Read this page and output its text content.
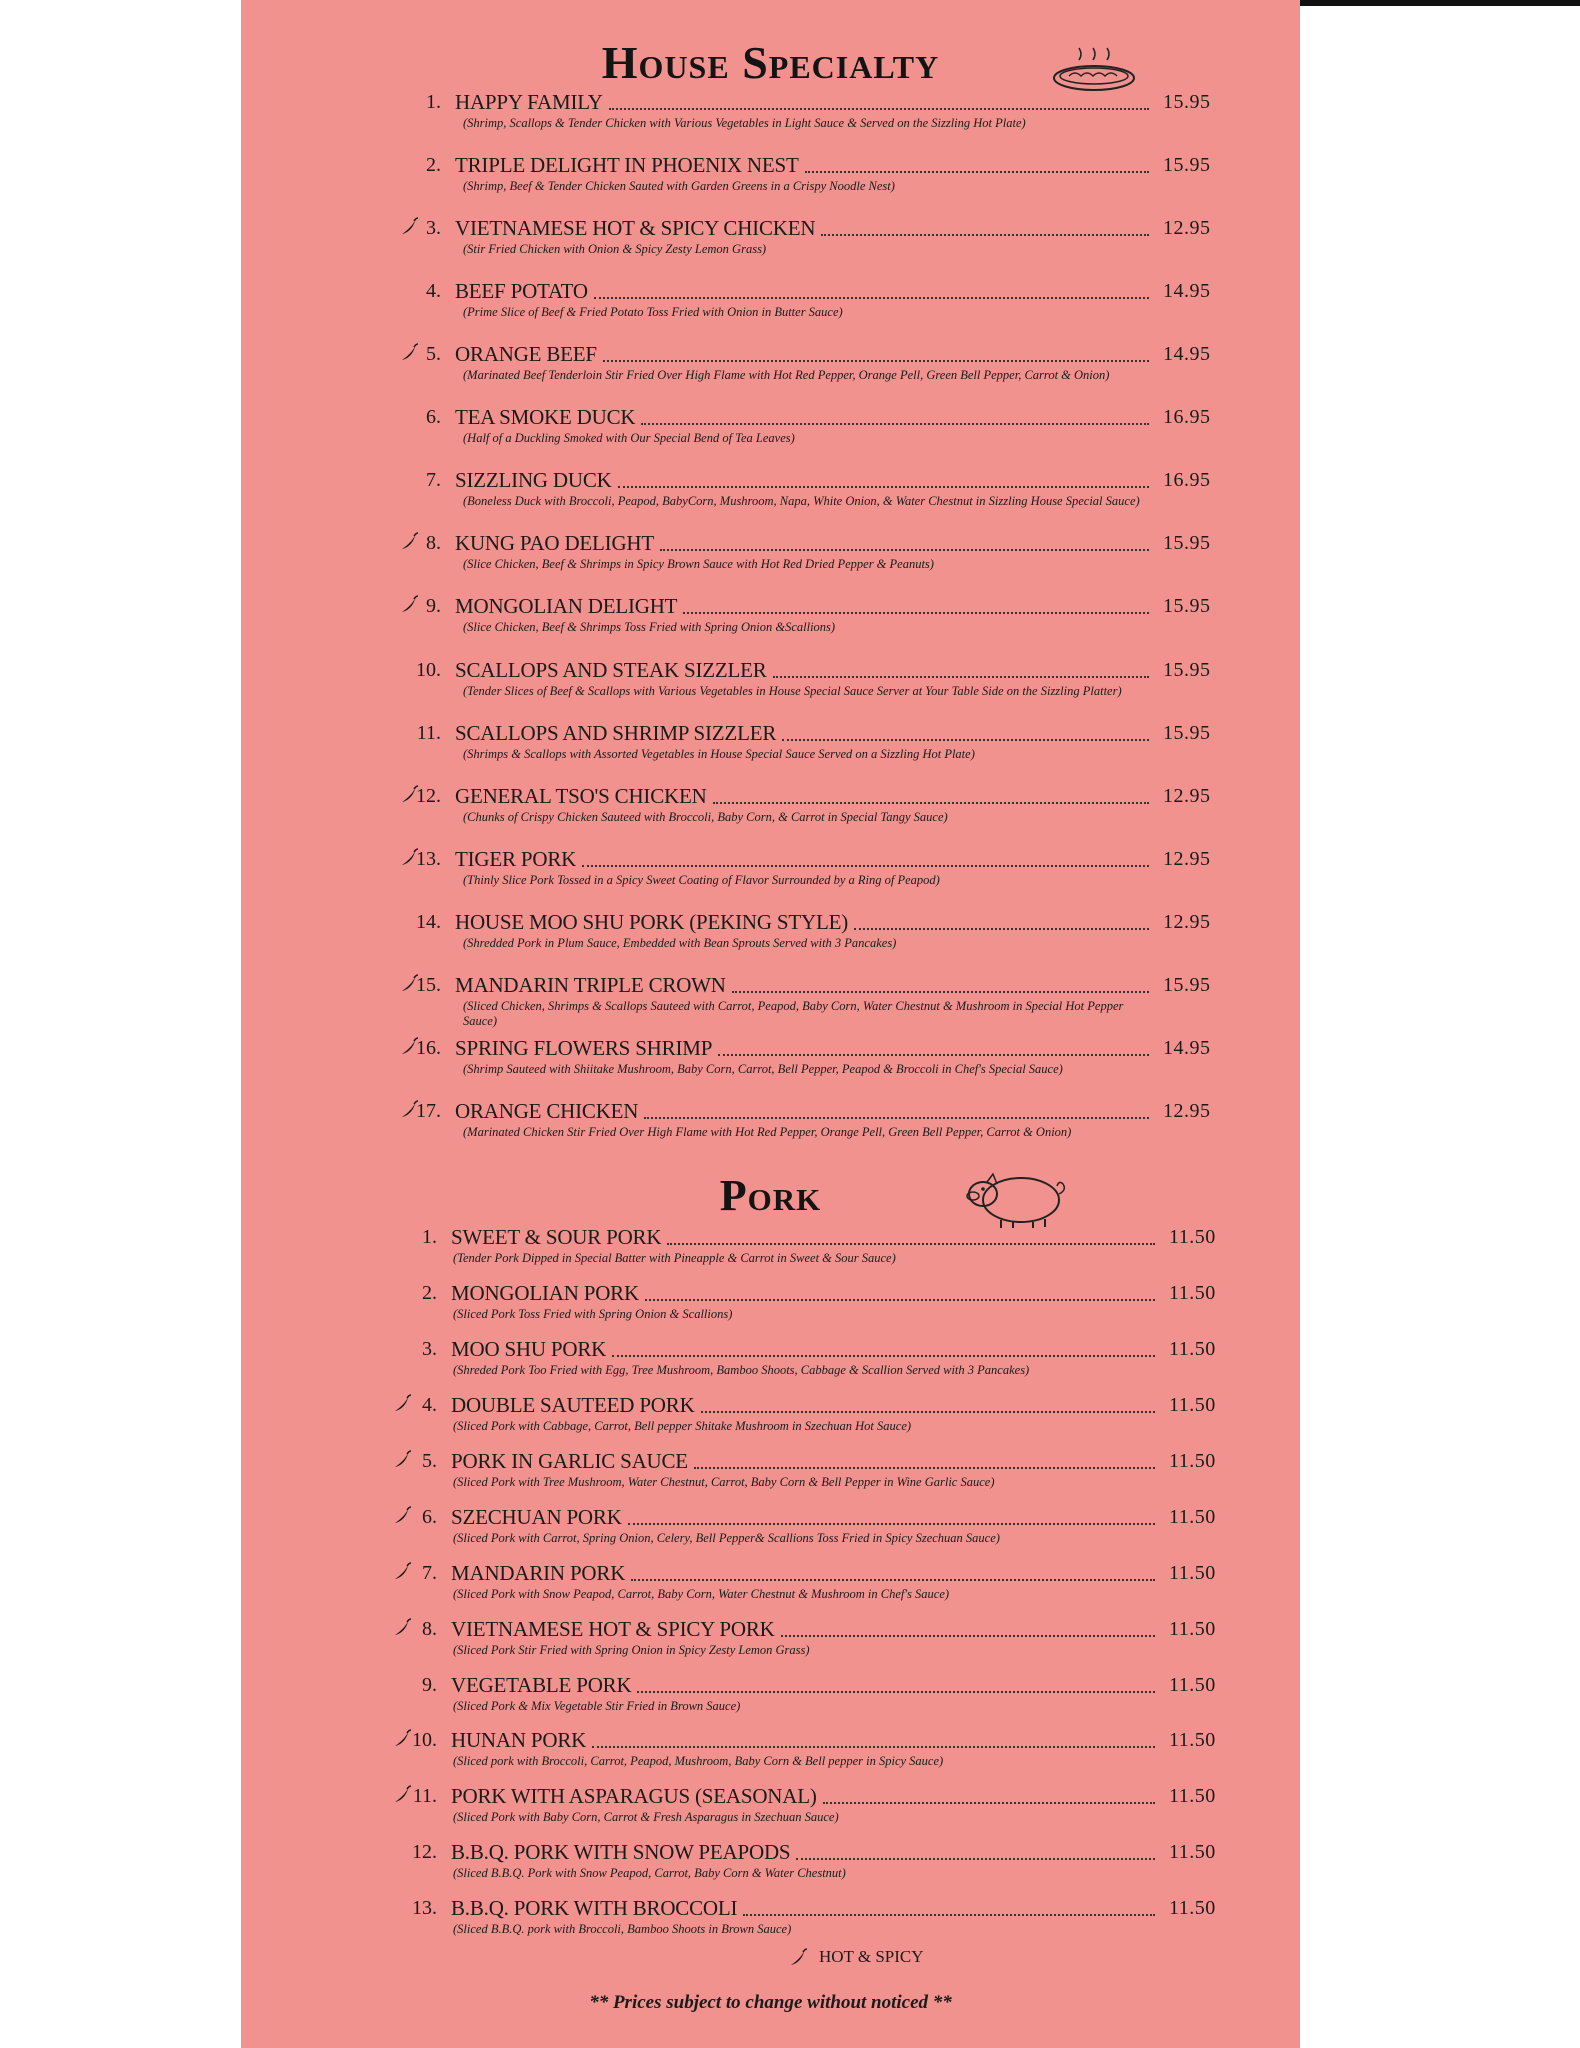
House Specialty
1. HAPPY FAMILY	15.95
(Shrimp, Scallops & Tender Chicken with Various Vegetables in Light Sauce & Served on the Sizzling Hot Plate)
2. TRIPLE DELIGHT IN PHOENIX NEST	15.95
(Shrimp, Beef & Tender Chicken Sauted with Garden Greens in a Crispy Noodle Nest)
3. VIETNAMESE HOT & SPICY CHICKEN	12.95
(Stir Fried Chicken with Onion & Spicy Zesty Lemon Grass)
4. BEEF POTATO	14.95
(Prime Slice of Beef & Fried Potato Toss Fried with Onion in Butter Sauce)
5. ORANGE BEEF	14.95
(Marinated Beef Tenderloin Stir Fried Over High Flame with Hot Red Pepper, Orange Pell, Green Bell Pepper, Carrot & Onion)
6. TEA SMOKE DUCK	16.95
(Half of a Duckling Smoked with Our Special Bend of Tea Leaves)
7. SIZZLING DUCK	16.95
(Boneless Duck with Broccoli, Peapod, BabyCorn, Mushroom, Napa, White Onion, & Water Chestnut in Sizzling House Special Sauce)
8. KUNG PAO DELIGHT	15.95
(Slice Chicken, Beef & Shrimps in Spicy Brown Sauce with Hot Red Dried Pepper & Peanuts)
9. MONGOLIAN DELIGHT	15.95
(Slice Chicken, Beef & Shrimps Toss Fried with Spring Onion &Scallions)
10. SCALLOPS AND STEAK SIZZLER	15.95
(Tender Slices of Beef & Scallops with Various Vegetables in House Special Sauce Server at Your Table Side on the Sizzling Platter)
11. SCALLOPS AND SHRIMP SIZZLER	15.95
(Shrimps & Scallops with Assorted Vegetables in House Special Sauce Served on a Sizzling Hot Plate)
12. GENERAL TSO'S CHICKEN	12.95
(Chunks of Crispy Chicken Sauteed with Broccoli, Baby Corn, & Carrot in Special Tangy Sauce)
13. TIGER PORK	12.95
(Thinly Slice Pork Tossed in a Spicy Sweet Coating of Flavor Surrounded by a Ring of Peapod)
14. HOUSE MOO SHU PORK (PEKING STYLE)	12.95
(Shredded Pork in Plum Sauce, Embedded with Bean Sprouts Served with 3 Pancakes)
15. MANDARIN TRIPLE CROWN	15.95
(Sliced Chicken, Shrimps & Scallops Sauteed with Carrot, Peapod, Baby Corn, Water Chestnut & Mushroom in Special Hot Pepper Sauce)
16. SPRING FLOWERS SHRIMP	14.95
(Shrimp Sauteed with Shiitake Mushroom, Baby Corn, Carrot, Bell Pepper, Peapod & Broccoli in Chef's Special Sauce)
17. ORANGE CHICKEN	12.95
(Marinated Chicken Stir Fried Over High Flame with Hot Red Pepper, Orange Pell, Green Bell Pepper, Carrot & Onion)
Pork
1. SWEET & SOUR PORK	11.50
(Tender Pork Dipped in Special Batter with Pineapple & Carrot in Sweet & Sour Sauce)
2. MONGOLIAN PORK	11.50
(Sliced Pork Toss Fried with Spring Onion & Scallions)
3. MOO SHU PORK	11.50
(Shreded Pork Too Fried with Egg, Tree Mushroom, Bamboo Shoots, Cabbage & Scallion Served with 3 Pancakes)
4. DOUBLE SAUTEED PORK	11.50
(Sliced Pork with Cabbage, Carrot, Bell pepper Shitake Mushroom in Szechuan Hot Sauce)
5. PORK IN GARLIC SAUCE	11.50
(Sliced Pork with Tree Mushroom, Water Chestnut, Carrot, Baby Corn & Bell Pepper in Wine Garlic Sauce)
6. SZECHUAN PORK	11.50
(Sliced Pork with Carrot, Spring Onion, Celery, Bell Pepper& Scallions Toss Fried in Spicy Szechuan Sauce)
7. MANDARIN PORK	11.50
(Sliced Pork with Snow Peapod, Carrot, Baby Corn, Water Chestnut & Mushroom in Chef's Sauce)
8. VIETNAMESE HOT & SPICY PORK	11.50
(Sliced Pork Stir Fried with Spring Onion in Spicy Zesty Lemon Grass)
9. VEGETABLE PORK	11.50
(Sliced Pork & Mix Vegetable Stir Fried in Brown Sauce)
10. HUNAN PORK	11.50
(Sliced pork with Broccoli, Carrot, Peapod, Mushroom, Baby Corn & Bell pepper in Spicy Sauce)
11. PORK WITH ASPARAGUS (SEASONAL)	11.50
(Sliced Pork with Baby Corn, Carrot & Fresh Asparagus in Szechuan Sauce)
12. B.B.Q. PORK WITH SNOW PEAPODS	11.50
(Sliced B.B.Q. Pork with Snow Peapod, Carrot, Baby Corn & Water Chestnut)
13. B.B.Q. PORK WITH BROCCOLI	11.50
(Sliced B.B.Q. pork with Broccoli, Bamboo Shoots in Brown Sauce)
HOT & SPICY
** Prices subject to change without noticed **
